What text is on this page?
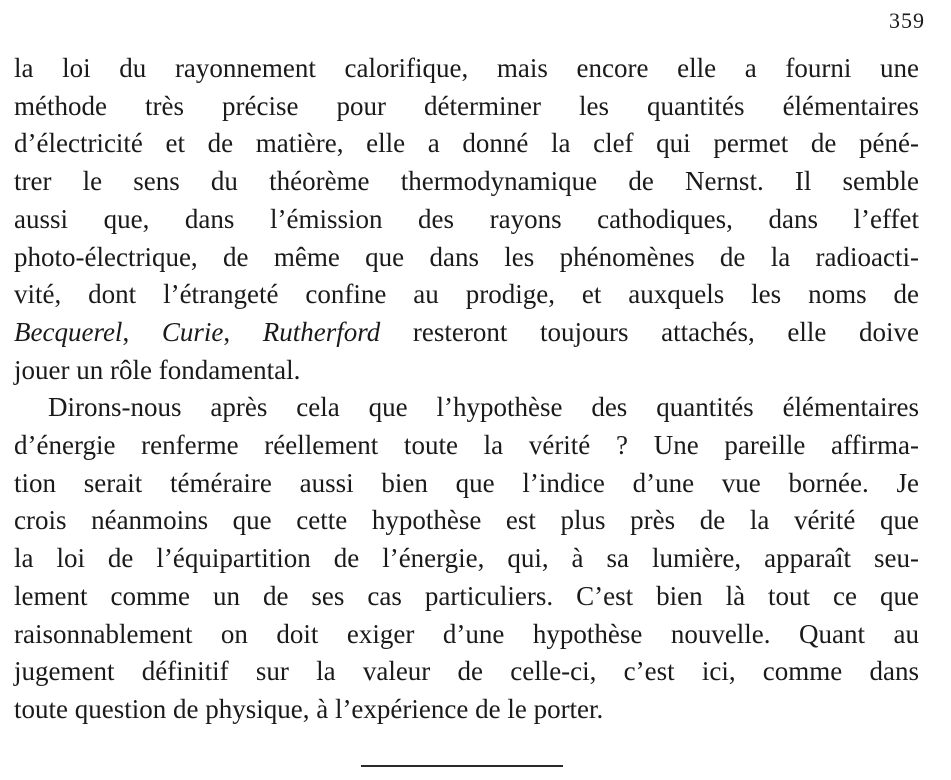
359
la loi du rayonnement calorifique, mais encore elle a fourni une
méthode très précise pour déterminer les quantités élémentaires
d’électricité et de matière, elle a donné la clef qui permet de péné-
trer le sens du théorème thermodynamique de Nernst. Il semble
aussi que, dans l’émission des rayons cathodiques, dans l’effet
photo-électrique, de même que dans les phénomènes de la radioacti-
vité, dont l’étrangeté confine au prodige, et auxquels les noms de
Becquerel, Curie, Rutherford resteront toujours attachés, elle doive
jouer un rôle fondamental.
Dirons-nous après cela que l’hypothèse des quantités élémentaires
d’énergie renferme réellement toute la vérité ? Une pareille affirma-
tion serait téméraire aussi bien que l’indice d’une vue bornée. Je
crois néanmoins que cette hypothèse est plus près de la vérité que
la loi de l’équipartition de l’énergie, qui, à sa lumière, apparaît seu-
lement comme un de ses cas particuliers. C’est bien là tout ce que
raisonnablement on doit exiger d’une hypothèse nouvelle. Quant au
jugement définitif sur la valeur de celle-ci, c’est ici, comme dans
toute question de physique, à l’expérience de le porter.
